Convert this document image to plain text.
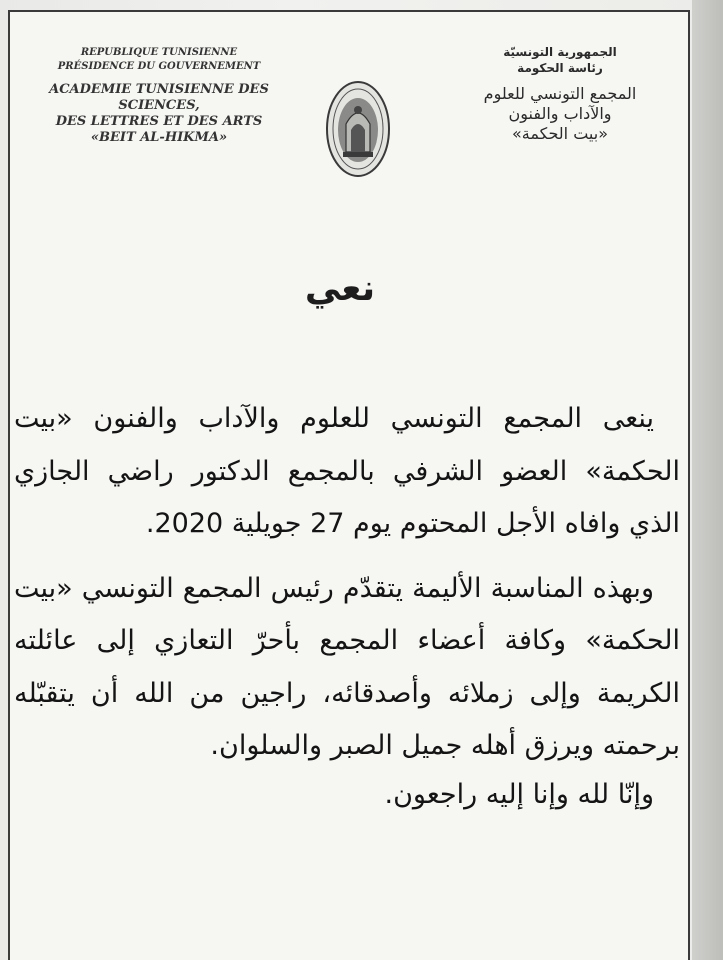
REPUBLIQUE TUNISIENNE
PRÉSIDENCE DU GOUVERNEMENT
ACADEMIE TUNISIENNE DES SCIENCES,
DES LETTRES ET DES ARTS
«BEIT AL-HIKMA»
الجمهورية التونسيّة
رئاسة الحكومة
المجمع التونسي للعلوم
والآداب والفنون
«بيت الحكمة»
نعي

ينعى المجمع التونسي للعلوم والآداب والفنون «بيت الحكمة» العضو الشرفي بالمجمع الدكتور راضي الجازي الذي وافاه الأجل المحتوم يوم 27 جويلية 2020.

وبهذه المناسبة الأليمة يتقدّم رئيس المجمع التونسي «بيت الحكمة» وكافة أعضاء المجمع بأحرّ التعازي إلى عائلته الكريمة وإلى زملائه وأصدقائه، راجين من الله أن يتقبّله برحمته ويرزق أهله جميل الصبر والسلوان.

وإنّا لله وإنا إليه راجعون.
